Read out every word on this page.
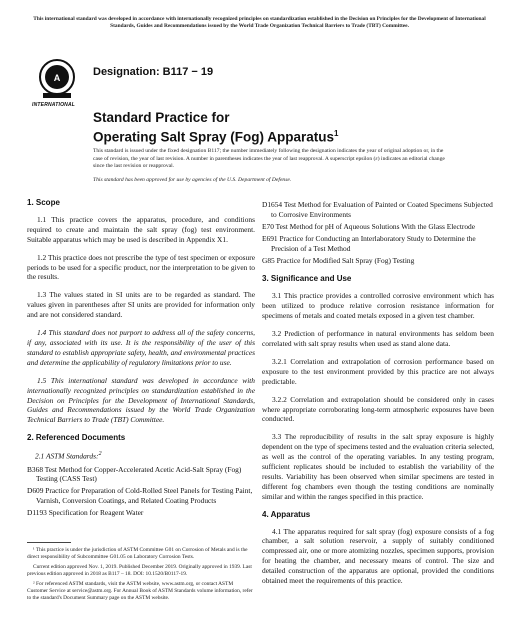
This international standard was developed in accordance with internationally recognized principles on standardization established in the Decision on Principles for the Development of International Standards, Guides and Recommendations issued by the World Trade Organization Technical Barriers to Trade (TBT) Committee.
A
INTERNATIONAL
Designation: B117 − 19
Standard Practice for
Operating Salt Spray (Fog) Apparatus$^1$

This standard is issued under the fixed designation B117; the number immediately following the designation indicates the year of original adoption or, in the case of revision, the year of last revision. A number in parentheses indicates the year of last reapproval. A superscript epsilon (ε) indicates an editorial change since the last revision or reapproval.

This standard has been approved for use by agencies of the U.S. Department of Defense.

1. Scope

1.1 This practice covers the apparatus, procedure, and conditions required to create and maintain the salt spray (fog) test environment. Suitable apparatus which may be used is described in Appendix X1.

1.2 This practice does not prescribe the type of test specimen or exposure periods to be used for a specific product, nor the interpretation to be given to the results.

1.3 The values stated in SI units are to be regarded as standard. The values given in parentheses after SI units are provided for information only and are not considered standard.

1.4 This standard does not purport to address all of the safety concerns, if any, associated with its use. It is the responsibility of the user of this standard to establish appropriate safety, health, and environmental practices and determine the applicability of regulatory limitations prior to use.

1.5 This international standard was developed in accordance with internationally recognized principles on standardization established in the Decision on Principles for the Development of International Standards, Guides and Recommendations issued by the World Trade Organization Technical Barriers to Trade (TBT) Committee.

2. Referenced Documents
2.1 ASTM Standards:$^2$
B368 Test Method for Copper-Accelerated Acetic Acid-Salt Spray (Fog) Testing (CASS Test)
D609 Practice for Preparation of Cold-Rolled Steel Panels for Testing Paint, Varnish, Conversion Coatings, and Related Coating Products
D1193 Specification for Reagent Water

¹ This practice is under the jurisdiction of ASTM Committee G01 on Corrosion of Metals and is the direct responsibility of Subcommittee G01.05 on Laboratory Corrosion Tests.

Current edition approved Nov. 1, 2019. Published December 2019. Originally approved in 1939. Last previous edition approved in 2018 as B117 – 18. DOI: 10.1520/B0117-19.

² For referenced ASTM standards, visit the ASTM website, www.astm.org, or contact ASTM Customer Service at service@astm.org. For Annual Book of ASTM Standards volume information, refer to the standard's Document Summary page on the ASTM website.

D1654 Test Method for Evaluation of Painted or Coated Specimens Subjected to Corrosive Environments
E70 Test Method for pH of Aqueous Solutions With the Glass Electrode
E691 Practice for Conducting an Interlaboratory Study to Determine the Precision of a Test Method
G85 Practice for Modified Salt Spray (Fog) Testing
3. Significance and Use

3.1 This practice provides a controlled corrosive environment which has been utilized to produce relative corrosion resistance information for specimens of metals and coated metals exposed in a given test chamber.

3.2 Prediction of performance in natural environments has seldom been correlated with salt spray results when used as stand alone data.

3.2.1 Correlation and extrapolation of corrosion performance based on exposure to the test environment provided by this practice are not always predictable.

3.2.2 Correlation and extrapolation should be considered only in cases where appropriate corroborating long-term atmospheric exposures have been conducted.

3.3 The reproducibility of results in the salt spray exposure is highly dependent on the type of specimens tested and the evaluation criteria selected, as well as the control of the operating variables. In any testing program, sufficient replicates should be included to establish the variability of the results. Variability has been observed when similar specimens are tested in different fog chambers even though the testing conditions are nominally similar and within the ranges specified in this practice.

4. Apparatus

4.1 The apparatus required for salt spray (fog) exposure consists of a fog chamber, a salt solution reservoir, a supply of suitably conditioned compressed air, one or more atomizing nozzles, specimen supports, provision for heating the chamber, and necessary means of control. The size and detailed construction of the apparatus are optional, provided the conditions obtained meet the requirements of this practice.
